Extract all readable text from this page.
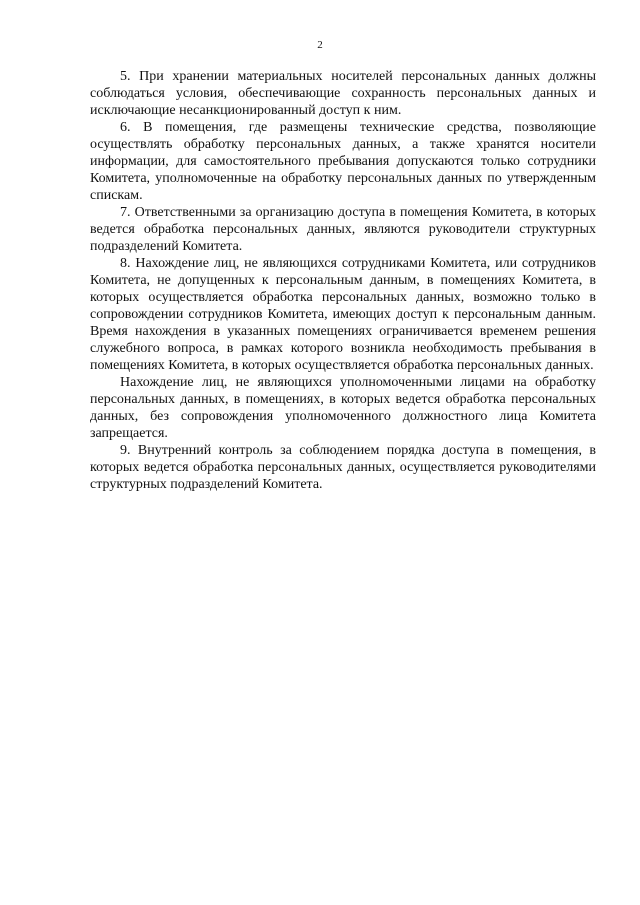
2

5. При хранении материальных носителей персональных данных должны соблюдаться условия, обеспечивающие сохранность персональных данных и исключающие несанкционированный доступ к ним.

6. В помещения, где размещены технические средства, позволяющие осуществлять обработку персональных данных, а также хранятся носители информации, для самостоятельного пребывания допускаются только сотрудники Комитета, уполномоченные на обработку персональных данных по утвержденным спискам.

7. Ответственными за организацию доступа в помещения Комитета, в которых ведется обработка персональных данных, являются руководители структурных подразделений Комитета.

8. Нахождение лиц, не являющихся сотрудниками Комитета, или сотрудников Комитета, не допущенных к персональным данным, в помещениях Комитета, в которых осуществляется обработка персональных данных, возможно только в сопровождении сотрудников Комитета, имеющих доступ к персональным данным. Время нахождения в указанных помещениях ограничивается временем решения служебного вопроса, в рамках которого возникла необходимость пребывания в помещениях Комитета, в которых осуществляется обработка персональных данных.

Нахождение лиц, не являющихся уполномоченными лицами на обработку персональных данных, в помещениях, в которых ведется обработка персональных данных, без сопровождения уполномоченного должностного лица Комитета запрещается.

9. Внутренний контроль за соблюдением порядка доступа в помещения, в которых ведется обработка персональных данных, осуществляется руководителями структурных подразделений Комитета.
